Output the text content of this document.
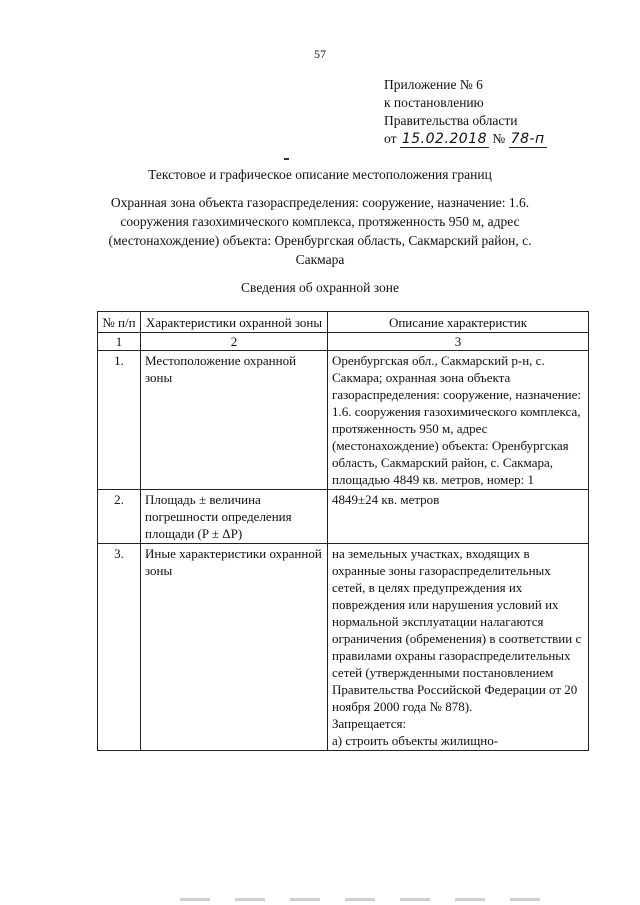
57
Приложение № 6
к постановлению
Правительства области
от 15.02.2018 № 78-п
Текстовое и графическое описание местоположения границ
Охранная зона объекта газораспределения: сооружение, назначение: 1.6. сооружения газохимического комплекса, протяженность 950 м, адрес (местонахождение) объекта: Оренбургская область, Сакмарский район, с. Сакмара
Сведения об охранной зоне
№ п/п	Характеристики охранной зоны	Описание характеристик
1	2	3
1.	Местоположение охранной зоны	Оренбургская обл., Сакмарский р-н, с. Сакмара; охранная зона объекта газораспределения: сооружение, назначение: 1.6. сооружения газохимического комплекса, протяженность 950 м, адрес (местонахождение) объекта: Оренбургская область, Сакмарский район, с. Сакмара, площадью 4849 кв. метров, номер: 1
2.	Площадь ± величина погрешности определения площади (P ± ΔP)	4849±24 кв. метров
3.	Иные характеристики охранной зоны	на земельных участках, входящих в охранные зоны газораспределительных сетей, в целях предупреждения их повреждения или нарушения условий их нормальной эксплуатации налагаются ограничения (обременения) в соответствии с правилами охраны газораспределительных сетей (утвержденными постановлением Правительства Российской Федерации от 20 ноября 2000 года № 878).
Запрещается:
а) строить объекты жилищно-
